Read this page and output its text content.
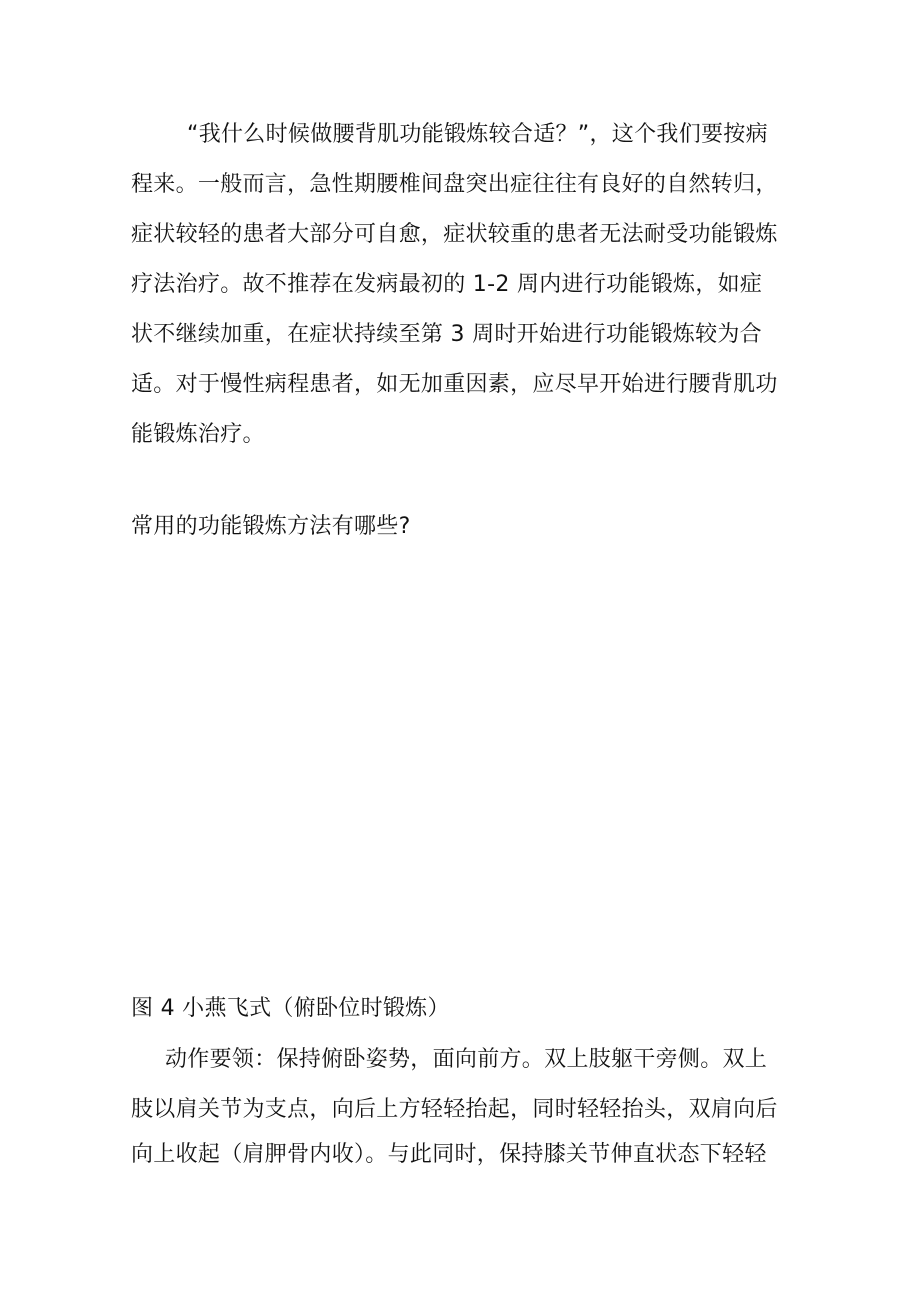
“我什么时候做腰背肌功能锻炼较合适？”，这个我们要按病
程来。一般而言，急性期腰椎间盘突出症往往有良好的自然转归，
症状较轻的患者大部分可自愈，症状较重的患者无法耐受功能锻炼
疗法治疗。故不推荐在发病最初的 1-2 周内进行功能锻炼，如症
状不继续加重，在症状持续至第 3 周时开始进行功能锻炼较为合
适。对于慢性病程患者，如无加重因素，应尽早开始进行腰背肌功
能锻炼治疗。
常用的功能锻炼方法有哪些?
图 4 小燕飞式（俯卧位时锻炼）
动作要领：保持俯卧姿势，面向前方。双上肢躯干旁侧。双上
肢以肩关节为支点，向后上方轻轻抬起，同时轻轻抬头，双肩向后
向上收起（肩胛骨内收）。与此同时，保持膝关节伸直状态下轻轻
